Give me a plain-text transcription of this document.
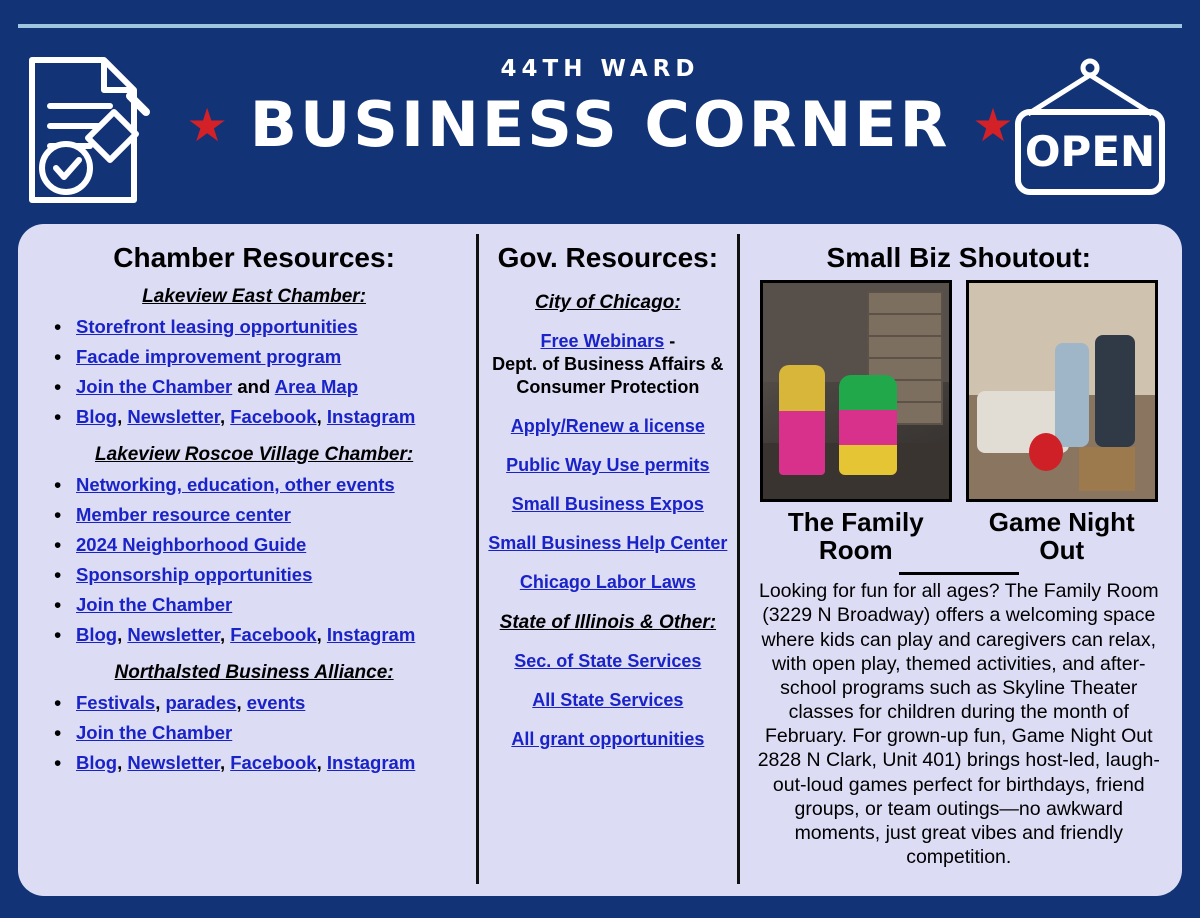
44TH WARD
★ BUSINESS CORNER ★
OPEN
Chamber Resources:
Lakeview East Chamber:
• Storefront leasing opportunities
• Facade improvement program
• Join the Chamber and Area Map
• Blog, Newsletter, Facebook, Instagram
Lakeview Roscoe Village Chamber:
• Networking, education, other events
• Member resource center
• 2024 Neighborhood Guide
• Sponsorship opportunities
• Join the Chamber
• Blog, Newsletter, Facebook, Instagram
Northalsted Business Alliance:
• Festivals, parades, events
• Join the Chamber
• Blog, Newsletter, Facebook, Instagram
Gov. Resources:
City of Chicago:
Free Webinars -
Dept. of Business Affairs & Consumer Protection
Apply/Renew a license
Public Way Use permits
Small Business Expos
Small Business Help Center
Chicago Labor Laws
State of Illinois & Other:
Sec. of State Services
All State Services
All grant opportunities
Small Biz Shoutout:
The Family Room
Game Night Out
Looking for fun for all ages? The Family Room (3229 N Broadway) offers a welcoming space where kids can play and caregivers can relax, with open play, themed activities, and after-school programs such as Skyline Theater classes for children during the month of February. For grown-up fun, Game Night Out 2828 N Clark, Unit 401) brings host-led, laugh-out-loud games perfect for birthdays, friend groups, or team outings—no awkward moments, just great vibes and friendly competition.
